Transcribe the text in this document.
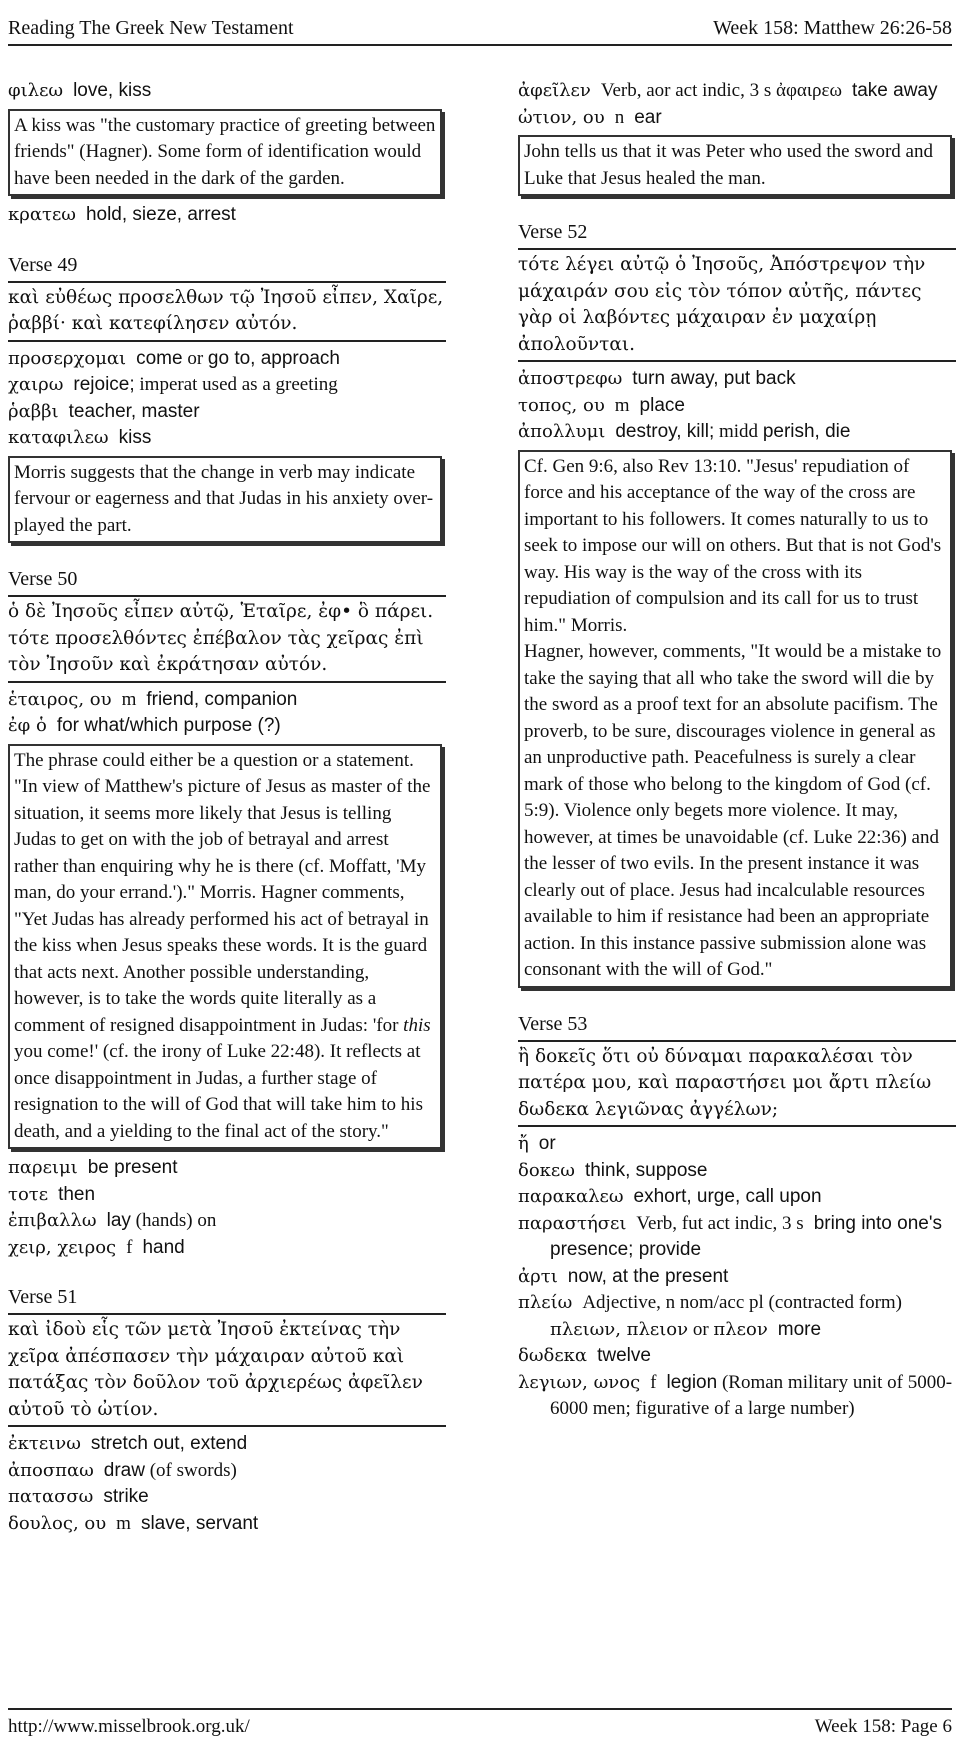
Reading The Greek New Testament	Week 158: Matthew 26:26-58
φιλεω love, kiss
A kiss was "the customary practice of greeting between friends" (Hagner). Some form of identification would have been needed in the dark of the garden.
κρατεω hold, sieze, arrest
Verse 49
καὶ εὐθέως προσελθων τῷ Ἰησοῦ εἶπεν, Χαῖρε, ῥαββί· καὶ κατεφίλησεν αὐτόν.
προσερχομαι come or go to, approach
χαιρω rejoice; imperat used as a greeting
ῥαββι teacher, master
καταφιλεω kiss
Morris suggests that the change in verb may indicate fervour or eagerness and that Judas in his anxiety over-played the part.
Verse 50
ὁ δὲ Ἰησοῦς εἶπεν αὐτῷ, Ἑταῖρε, ἐφ• ὃ πάρει. τότε προσελθόντες ἐπέβαλον τὰς χεῖρας ἐπὶ τὸν Ἰησοῦν καὶ ἐκράτησαν αὐτόν.
ἑταιρος, ου m friend, companion
ἐφ ὁ for what/which purpose (?)
The phrase could either be a question or a statement. "In view of Matthew's picture of Jesus as master of the situation, it seems more likely that Jesus is telling Judas to get on with the job of betrayal and arrest rather than enquiring why he is there (cf. Moffatt, 'My man, do your errand.')." Morris. Hagner comments, "Yet Judas has already performed his act of betrayal in the kiss when Jesus speaks these words. It is the guard that acts next. Another possible understanding, however, is to take the words quite literally as a comment of resigned disappointment in Judas: 'for this you come!' (cf. the irony of Luke 22:48). It reflects at once disappointment in Judas, a further stage of resignation to the will of God that will take him to his death, and a yielding to the final act of the story."
παρειμι be present
τοτε then
ἐπιβαλλω lay (hands) on
χειρ, χειρος f hand
Verse 51
καὶ ἰδοὺ εἷς τῶν μετὰ Ἰησοῦ ἐκτείνας τὴν χεῖρα ἀπέσπασεν τὴν μάχαιραν αὐτοῦ καὶ πατάξας τὸν δοῦλον τοῦ ἀρχιερέως ἀφεῖλεν αὐτοῦ τὸ ὠτίον.
ἐκτεινω stretch out, extend
ἀποσπαω draw (of swords)
πατασσω strike
δουλος, ου m slave, servant
ἀφεῖλεν Verb, aor act indic, 3 s ἀφαιρεω take away
ὠτιον, ου n ear
John tells us that it was Peter who used the sword and Luke that Jesus healed the man.
Verse 52
τότε λέγει αὐτῷ ὁ Ἰησοῦς, Ἀπόστρεψον τὴν μάχαιράν σου εἰς τὸν τόπον αὐτῆς, πάντες γὰρ οἱ λαβόντες μάχαιραν ἐν μαχαίρῃ ἀπολοῦνται.
ἀποστρεφω turn away, put back
τοπος, ου m place
ἀπολλυμι destroy, kill; midd perish, die
Cf. Gen 9:6, also Rev 13:10. "Jesus' repudiation of force and his acceptance of the way of the cross are important to his followers. It comes naturally to us to seek to impose our will on others. But that is not God's way. His way is the way of the cross with its repudiation of compulsion and its call for us to trust him." Morris.
Hagner, however, comments, "It would be a mistake to take the saying that all who take the sword will die by the sword as a proof text for an absolute pacifism. The proverb, to be sure, discourages violence in general as an unproductive path. Peacefulness is surely a clear mark of those who belong to the kingdom of God (cf. 5:9). Violence only begets more violence. It may, however, at times be unavoidable (cf. Luke 22:36) and the lesser of two evils. In the present instance it was clearly out of place. Jesus had incalculable resources available to him if resistance had been an appropriate action. In this instance passive submission alone was consonant with the will of God."
Verse 53
ἢ δοκεῖς ὅτι οὐ δύναμαι παρακαλέσαι τὸν πατέρα μου, καὶ παραστήσει μοι ἄρτι πλείω δωδεκα λεγιῶνας ἀγγέλων;
ἤ or
δοκεω think, suppose
παρακαλεω exhort, urge, call upon
παραστήσει Verb, fut act indic, 3 s bring into one's presence; provide
ἀρτι now, at the present
πλείω Adjective, n nom/acc pl (contracted form) πλειων, πλειον or πλεον more
δωδεκα twelve
λεγιων, ωνος f legion (Roman military unit of 5000-6000 men; figurative of a large number)
http://www.misselbrook.org.uk/	Week 158: Page 6
